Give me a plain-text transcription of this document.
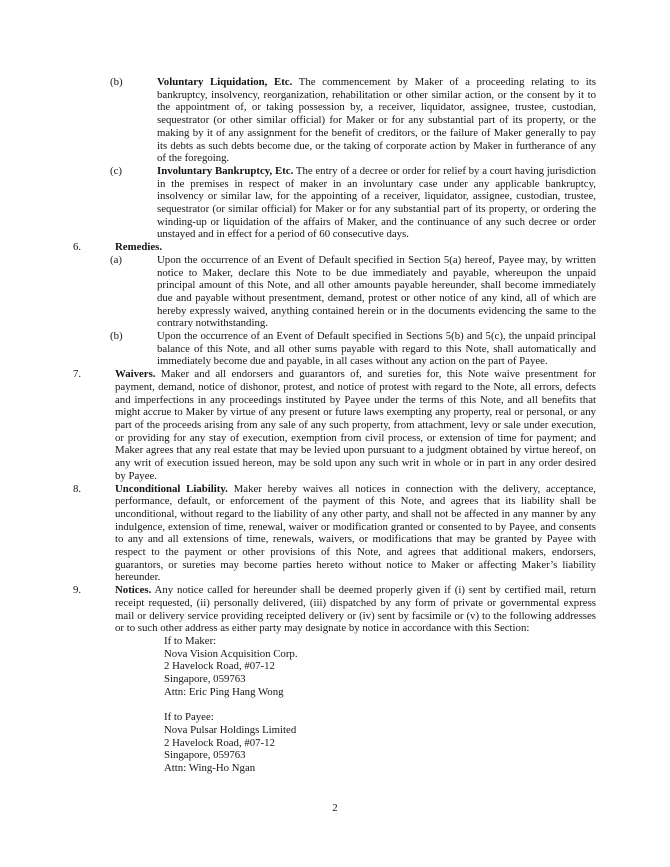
(b)	Voluntary Liquidation, Etc. The commencement by Maker of a proceeding relating to its bankruptcy, insolvency, reorganization, rehabilitation or other similar action, or the consent by it to the appointment of, or taking possession by, a receiver, liquidator, assignee, trustee, custodian, sequestrator (or other similar official) for Maker or for any substantial part of its property, or the making by it of any assignment for the benefit of creditors, or the failure of Maker generally to pay its debts as such debts become due, or the taking of corporate action by Maker in furtherance of any of the foregoing.
(c)	Involuntary Bankruptcy, Etc. The entry of a decree or order for relief by a court having jurisdiction in the premises in respect of maker in an involuntary case under any applicable bankruptcy, insolvency or similar law, for the appointing of a receiver, liquidator, assignee, custodian, trustee, sequestrator (or similar official) for Maker or for any substantial part of its property, or ordering the winding-up or liquidation of the affairs of Maker, and the continuance of any such decree or order unstayed and in effect for a period of 60 consecutive days.
6.	Remedies.
(a)	Upon the occurrence of an Event of Default specified in Section 5(a) hereof, Payee may, by written notice to Maker, declare this Note to be due immediately and payable, whereupon the unpaid principal amount of this Note, and all other amounts payable hereunder, shall become immediately due and payable without presentment, demand, protest or other notice of any kind, all of which are hereby expressly waived, anything contained herein or in the documents evidencing the same to the contrary notwithstanding.
(b)	Upon the occurrence of an Event of Default specified in Sections 5(b) and 5(c), the unpaid principal balance of this Note, and all other sums payable with regard to this Note, shall automatically and immediately become due and payable, in all cases without any action on the part of Payee.
7.	Waivers. Maker and all endorsers and guarantors of, and sureties for, this Note waive presentment for payment, demand, notice of dishonor, protest, and notice of protest with regard to the Note, all errors, defects and imperfections in any proceedings instituted by Payee under the terms of this Note, and all benefits that might accrue to Maker by virtue of any present or future laws exempting any property, real or personal, or any part of the proceeds arising from any sale of any such property, from attachment, levy or sale under execution, or providing for any stay of execution, exemption from civil process, or extension of time for payment; and Maker agrees that any real estate that may be levied upon pursuant to a judgment obtained by virtue hereof, on any writ of execution issued hereon, may be sold upon any such writ in whole or in part in any order desired by Payee.
8.	Unconditional Liability. Maker hereby waives all notices in connection with the delivery, acceptance, performance, default, or enforcement of the payment of this Note, and agrees that its liability shall be unconditional, without regard to the liability of any other party, and shall not be affected in any manner by any indulgence, extension of time, renewal, waiver or modification granted or consented to by Payee, and consents to any and all extensions of time, renewals, waivers, or modifications that may be granted by Payee with respect to the payment or other provisions of this Note, and agrees that additional makers, endorsers, guarantors, or sureties may become parties hereto without notice to Maker or affecting Maker’s liability hereunder.
9.	Notices. Any notice called for hereunder shall be deemed properly given if (i) sent by certified mail, return receipt requested, (ii) personally delivered, (iii) dispatched by any form of private or governmental express mail or delivery service providing receipted delivery or (iv) sent by facsimile or (v) to the following addresses or to such other address as either party may designate by notice in accordance with this Section:
If to Maker:
Nova Vision Acquisition Corp.
2 Havelock Road, #07-12
Singapore, 059763
Attn: Eric Ping Hang Wong
If to Payee:
Nova Pulsar Holdings Limited
2 Havelock Road, #07-12
Singapore, 059763
Attn: Wing-Ho Ngan
2
